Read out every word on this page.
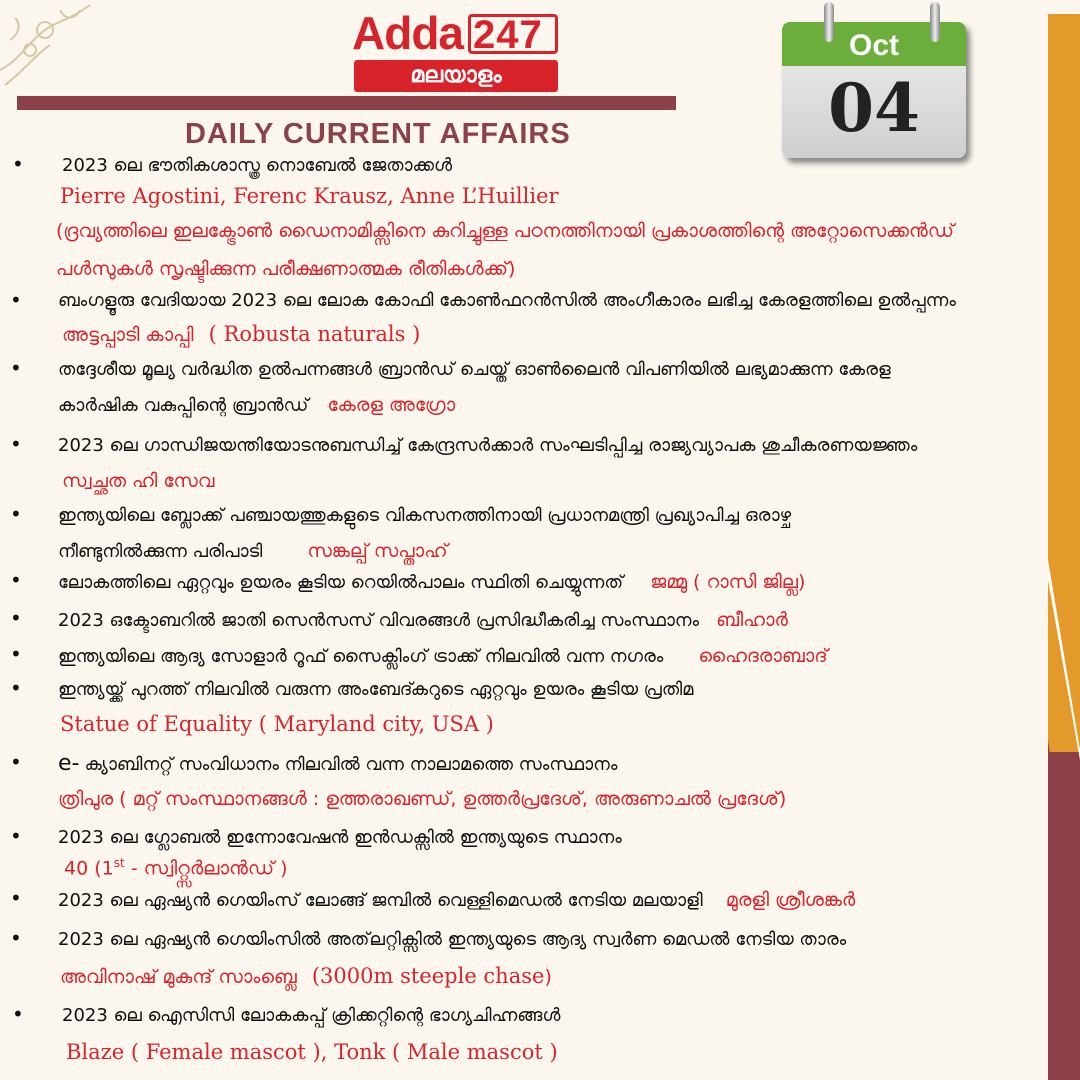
Adda 247
മലയാളം
DAILY CURRENT AFFAIRS
Oct
04
• 2023 ലെ ഭൗതികശാസ്ത്ര നൊബേൽ ജേതാക്കൾ
Pierre Agostini, Ferenc Krausz, Anne L’Huillier
(ദ്രവ്യത്തിലെ ഇലക്ട്രോൺ ഡൈനാമിക്സിനെ കുറിച്ചുള്ള പഠനത്തിനായി പ്രകാശത്തിന്റെ അറ്റോസെക്കൻഡ്
പൾസുകൾ സൃഷ്ടിക്കുന്ന പരീക്ഷണാത്മക രീതികൾക്ക്)
• ബംഗളൂരു വേദിയായ 2023 ലെ ലോക കോഫി കോൺഫറൻസിൽ അംഗീകാരം ലഭിച്ച കേരളത്തിലെ ഉൽപ്പന്നം
അട്ടപ്പാടി കാപ്പി ( Robusta naturals )
• തദ്ദേശീയ മൂല്യ വർദ്ധിത ഉൽപന്നങ്ങൾ ബ്രാൻഡ് ചെയ്ത് ഓൺലൈൻ വിപണിയിൽ ലഭ്യമാക്കുന്ന കേരള
കാർഷിക വകുപ്പിന്റെ ബ്രാൻഡ് കേരള അഗ്രോ
• 2023 ലെ ഗാന്ധിജയന്തിയോടനുബന്ധിച്ച് കേന്ദ്രസർക്കാർ സംഘടിപ്പിച്ച രാജ്യവ്യാപക ശുചീകരണയജ്ഞം
സ്വച്ഛത ഹി സേവ
• ഇന്ത്യയിലെ ബ്ലോക്ക് പഞ്ചായത്തുകളുടെ വികസനത്തിനായി പ്രധാനമന്ത്രി പ്രഖ്യാപിച്ച ഒരാഴ്ച
നീണ്ടുനിൽക്കുന്ന പരിപാടി സങ്കല്പ് സപ്താഹ്
• ലോകത്തിലെ ഏറ്റവും ഉയരം കൂടിയ റെയിൽപാലം സ്ഥിതി ചെയ്യുന്നത് ജമ്മു ( റാസി ജില്ല)
• 2023 ഒക്ടോബറിൽ ജാതി സെൻസസ് വിവരങ്ങൾ പ്രസിദ്ധീകരിച്ച സംസ്ഥാനം ബീഹാർ
• ഇന്ത്യയിലെ ആദ്യ സോളാർ റൂഫ് സൈക്ലിംഗ് ട്രാക്ക് നിലവിൽ വന്ന നഗരം ഹൈദരാബാദ്
• ഇന്ത്യയ്ക്ക് പുറത്ത് നിലവിൽ വരുന്ന അംബേദ്കറുടെ ഏറ്റവും ഉയരം കൂടിയ പ്രതിമ
Statue of Equality ( Maryland city, USA )
• e- ക്യാബിനറ്റ് സംവിധാനം നിലവിൽ വന്ന നാലാമത്തെ സംസ്ഥാനം
ത്രിപുര ( മറ്റ് സംസ്ഥാനങ്ങൾ : ഉത്തരാഖണ്ഡ്, ഉത്തർപ്രദേശ്, അരുണാചൽ പ്രദേശ്)
• 2023 ലെ ഗ്ലോബൽ ഇന്നോവേഷൻ ഇൻഡക്സിൽ ഇന്ത്യയുടെ സ്ഥാനം
40 (1st - സ്വിറ്റ്സർലാൻഡ് )
• 2023 ലെ ഏഷ്യൻ ഗെയിംസ് ലോങ്ങ് ജമ്പിൽ വെള്ളിമെഡൽ നേടിയ മലയാളി മുരളി ശ്രീശങ്കർ
• 2023 ലെ ഏഷ്യൻ ഗെയിംസിൽ അത്‌ലറ്റിക്സിൽ ഇന്ത്യയുടെ ആദ്യ സ്വർണ മെഡൽ നേടിയ താരം
അവിനാഷ് മുകുന്ദ് സാംബ്ലെ (3000m steeple chase)
• 2023 ലെ ഐസിസി ലോകകപ്പ് ക്രിക്കറ്റിന്റെ ഭാഗ്യചിഹ്നങ്ങൾ
Blaze ( Female mascot ), Tonk ( Male mascot )
